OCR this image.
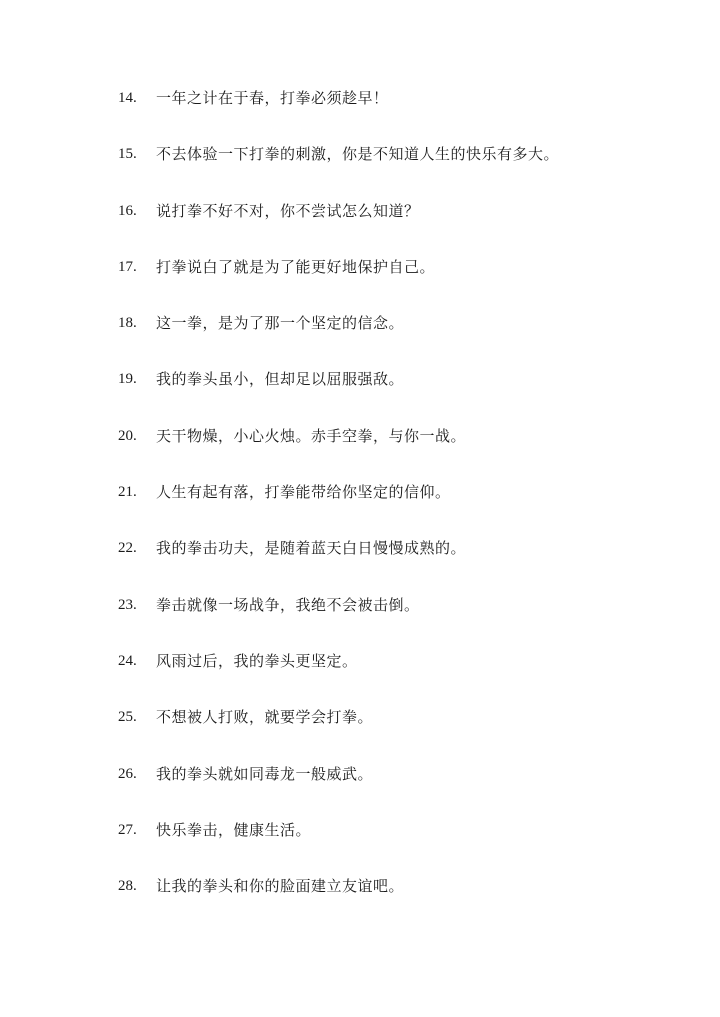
14.	一年之计在于春，打拳必须趁早！
15.	不去体验一下打拳的刺激，你是不知道人生的快乐有多大。
16.	说打拳不好不对，你不尝试怎么知道？
17.	打拳说白了就是为了能更好地保护自己。
18.	这一拳，是为了那一个坚定的信念。
19.	我的拳头虽小，但却足以屈服强敌。
20.	天干物燥，小心火烛。赤手空拳，与你一战。
21.	人生有起有落，打拳能带给你坚定的信仰。
22.	我的拳击功夫，是随着蓝天白日慢慢成熟的。
23.	拳击就像一场战争，我绝不会被击倒。
24.	风雨过后，我的拳头更坚定。
25.	不想被人打败，就要学会打拳。
26.	我的拳头就如同毒龙一般威武。
27.	快乐拳击，健康生活。
28.	让我的拳头和你的脸面建立友谊吧。
